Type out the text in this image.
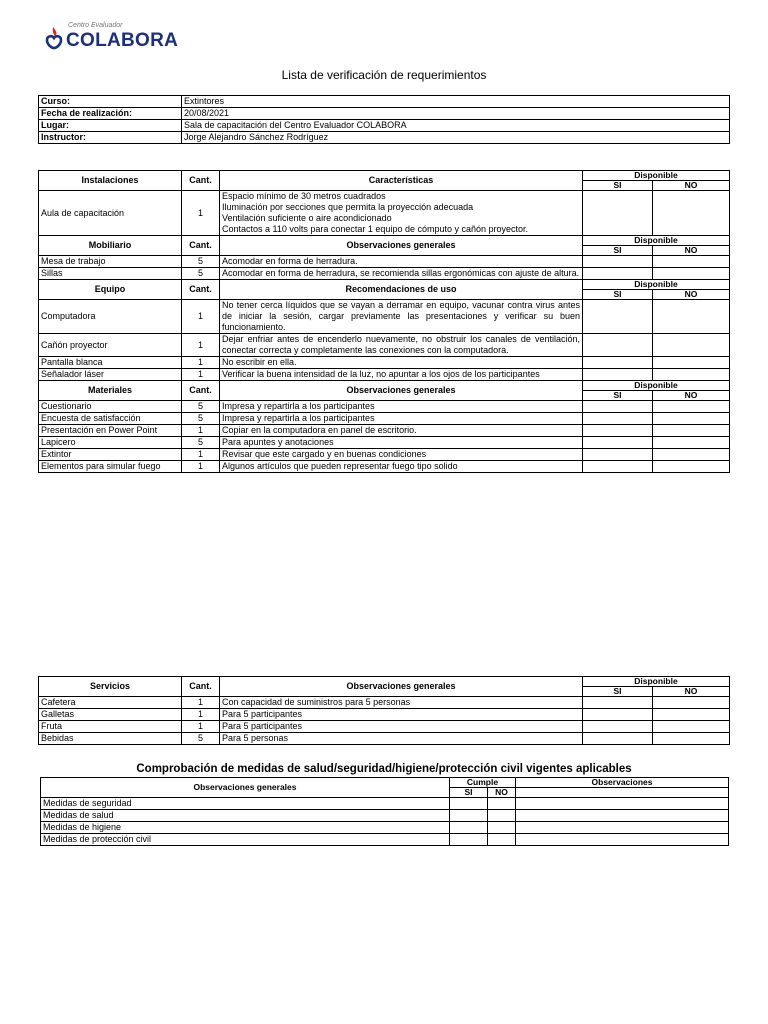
Centro Evaluador
COLABORA
Lista de verificación de requerimientos
Curso:	Extintores
Fecha de realización:	20/08/2021
Lugar:	Sala de capacitación del Centro Evaluador COLABORA
Instructor:	Jorge Alejandro Sánchez Rodríguez
Instalaciones	Cant.	Características	Disponible	
			SI	NO
Aula de capacitación	1	Espacio mínimo de 30 metros cuadrados
Iluminación por secciones que permita la proyección adecuada
Ventilación suficiente o aire acondicionado
Contactos a 110 volts para conectar 1 equipo de cómputo y cañón proyector.		

Mobiliario	Cant.	Observaciones generales	Disponible	
			SI	NO
Mesa de trabajo	5	Acomodar en forma de herradura.		
Sillas	5	Acomodar en forma de herradura, se recomienda sillas ergonómicas con ajuste de altura.		
Equipo	Cant.	Recomendaciones de uso	Disponible	
			SI	NO
Computadora	1	No tener cerca líquidos que se vayan a derramar en equipo, vacunar contra virus antes de iniciar la sesión, cargar previamente las presentaciones y verificar su buen funcionamiento.		
Cañón proyector	1	Dejar enfriar antes de encenderlo nuevamente, no obstruir los canales de ventilación, conectar correcta y completamente las conexiones con la computadora.		
Pantalla blanca	1	No escribir en ella.		
Señalador láser	1	Verificar la buena intensidad de la luz, no apuntar a los ojos de los participantes		
Materiales	Cant.	Observaciones generales	Disponible	
			SI	NO
Cuestionario	5	Impresa y repartirla a los participantes		
Encuesta de satisfacción	5	Impresa y repartirla a los participantes		
Presentación en Power Point	1	Copiar en la computadora en panel de escritorio.		
Lapicero	5	Para apuntes y anotaciones		
Extintor	1	Revisar que este cargado y en buenas condiciones		
Elementos para simular fuego	1	Algunos artículos que pueden representar fuego tipo solido		
Servicios	Cant.	Observaciones generales	Disponible	
			SI	NO
Cafetera	1	Con capacidad de suministros para 5 personas		
Galletas	1	Para 5 participantes		
Fruta	1	Para 5 participantes		
Bebidas	5	Para 5 personas		
Comprobación de medidas de salud/seguridad/higiene/protección civil vigentes aplicables
Observaciones generales	Cumple		Observaciones
	SI	NO	
Medidas de seguridad			
Medidas de salud			
Medidas de higiene			
Medidas de protección civil			
